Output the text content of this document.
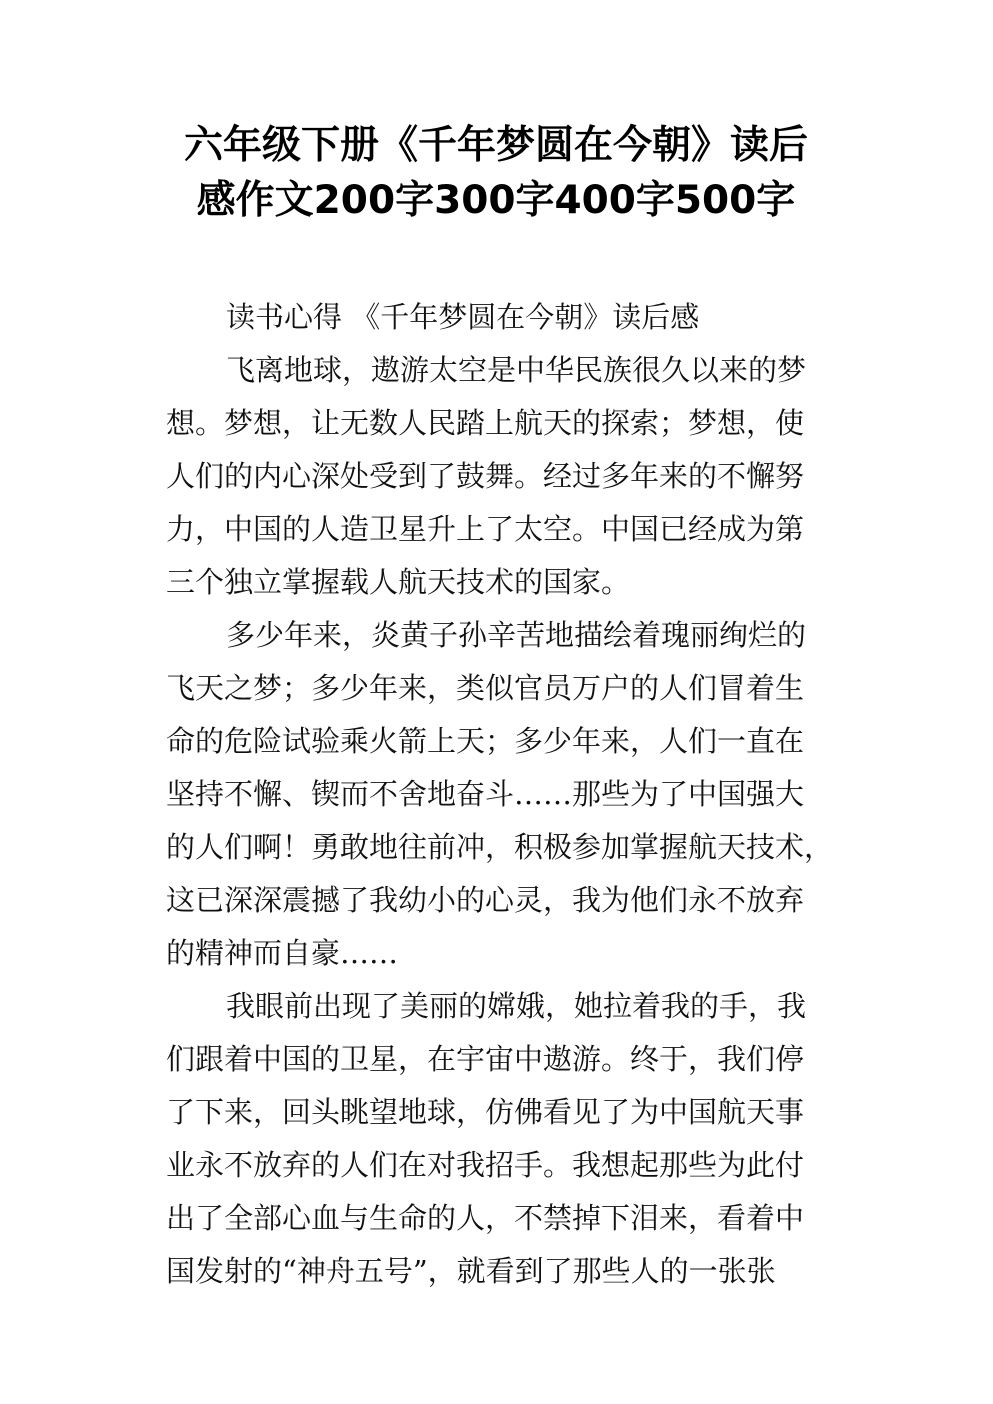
六年级下册《千年梦圆在今朝》读后
感作文200字300字400字500字
读书心得 《千年梦圆在今朝》读后感
飞离地球，遨游太空是中华民族很久以来的梦
想。梦想，让无数人民踏上航天的探索；梦想，使
人们的内心深处受到了鼓舞。经过多年来的不懈努
力，中国的人造卫星升上了太空。中国已经成为第
三个独立掌握载人航天技术的国家。
多少年来，炎黄子孙辛苦地描绘着瑰丽绚烂的
飞天之梦；多少年来，类似官员万户的人们冒着生
命的危险试验乘火箭上天；多少年来，人们一直在
坚持不懈、锲而不舍地奋斗……那些为了中国强大
的人们啊！勇敢地往前冲，积极参加掌握航天技术，
这已深深震撼了我幼小的心灵，我为他们永不放弃
的精神而自豪……
我眼前出现了美丽的嫦娥，她拉着我的手，我
们跟着中国的卫星，在宇宙中遨游。终于，我们停
了下来，回头眺望地球，仿佛看见了为中国航天事
业永不放弃的人们在对我招手。我想起那些为此付
出了全部心血与生命的人，不禁掉下泪来，看着中
国发射的“神舟五号”，就看到了那些人的一张张
